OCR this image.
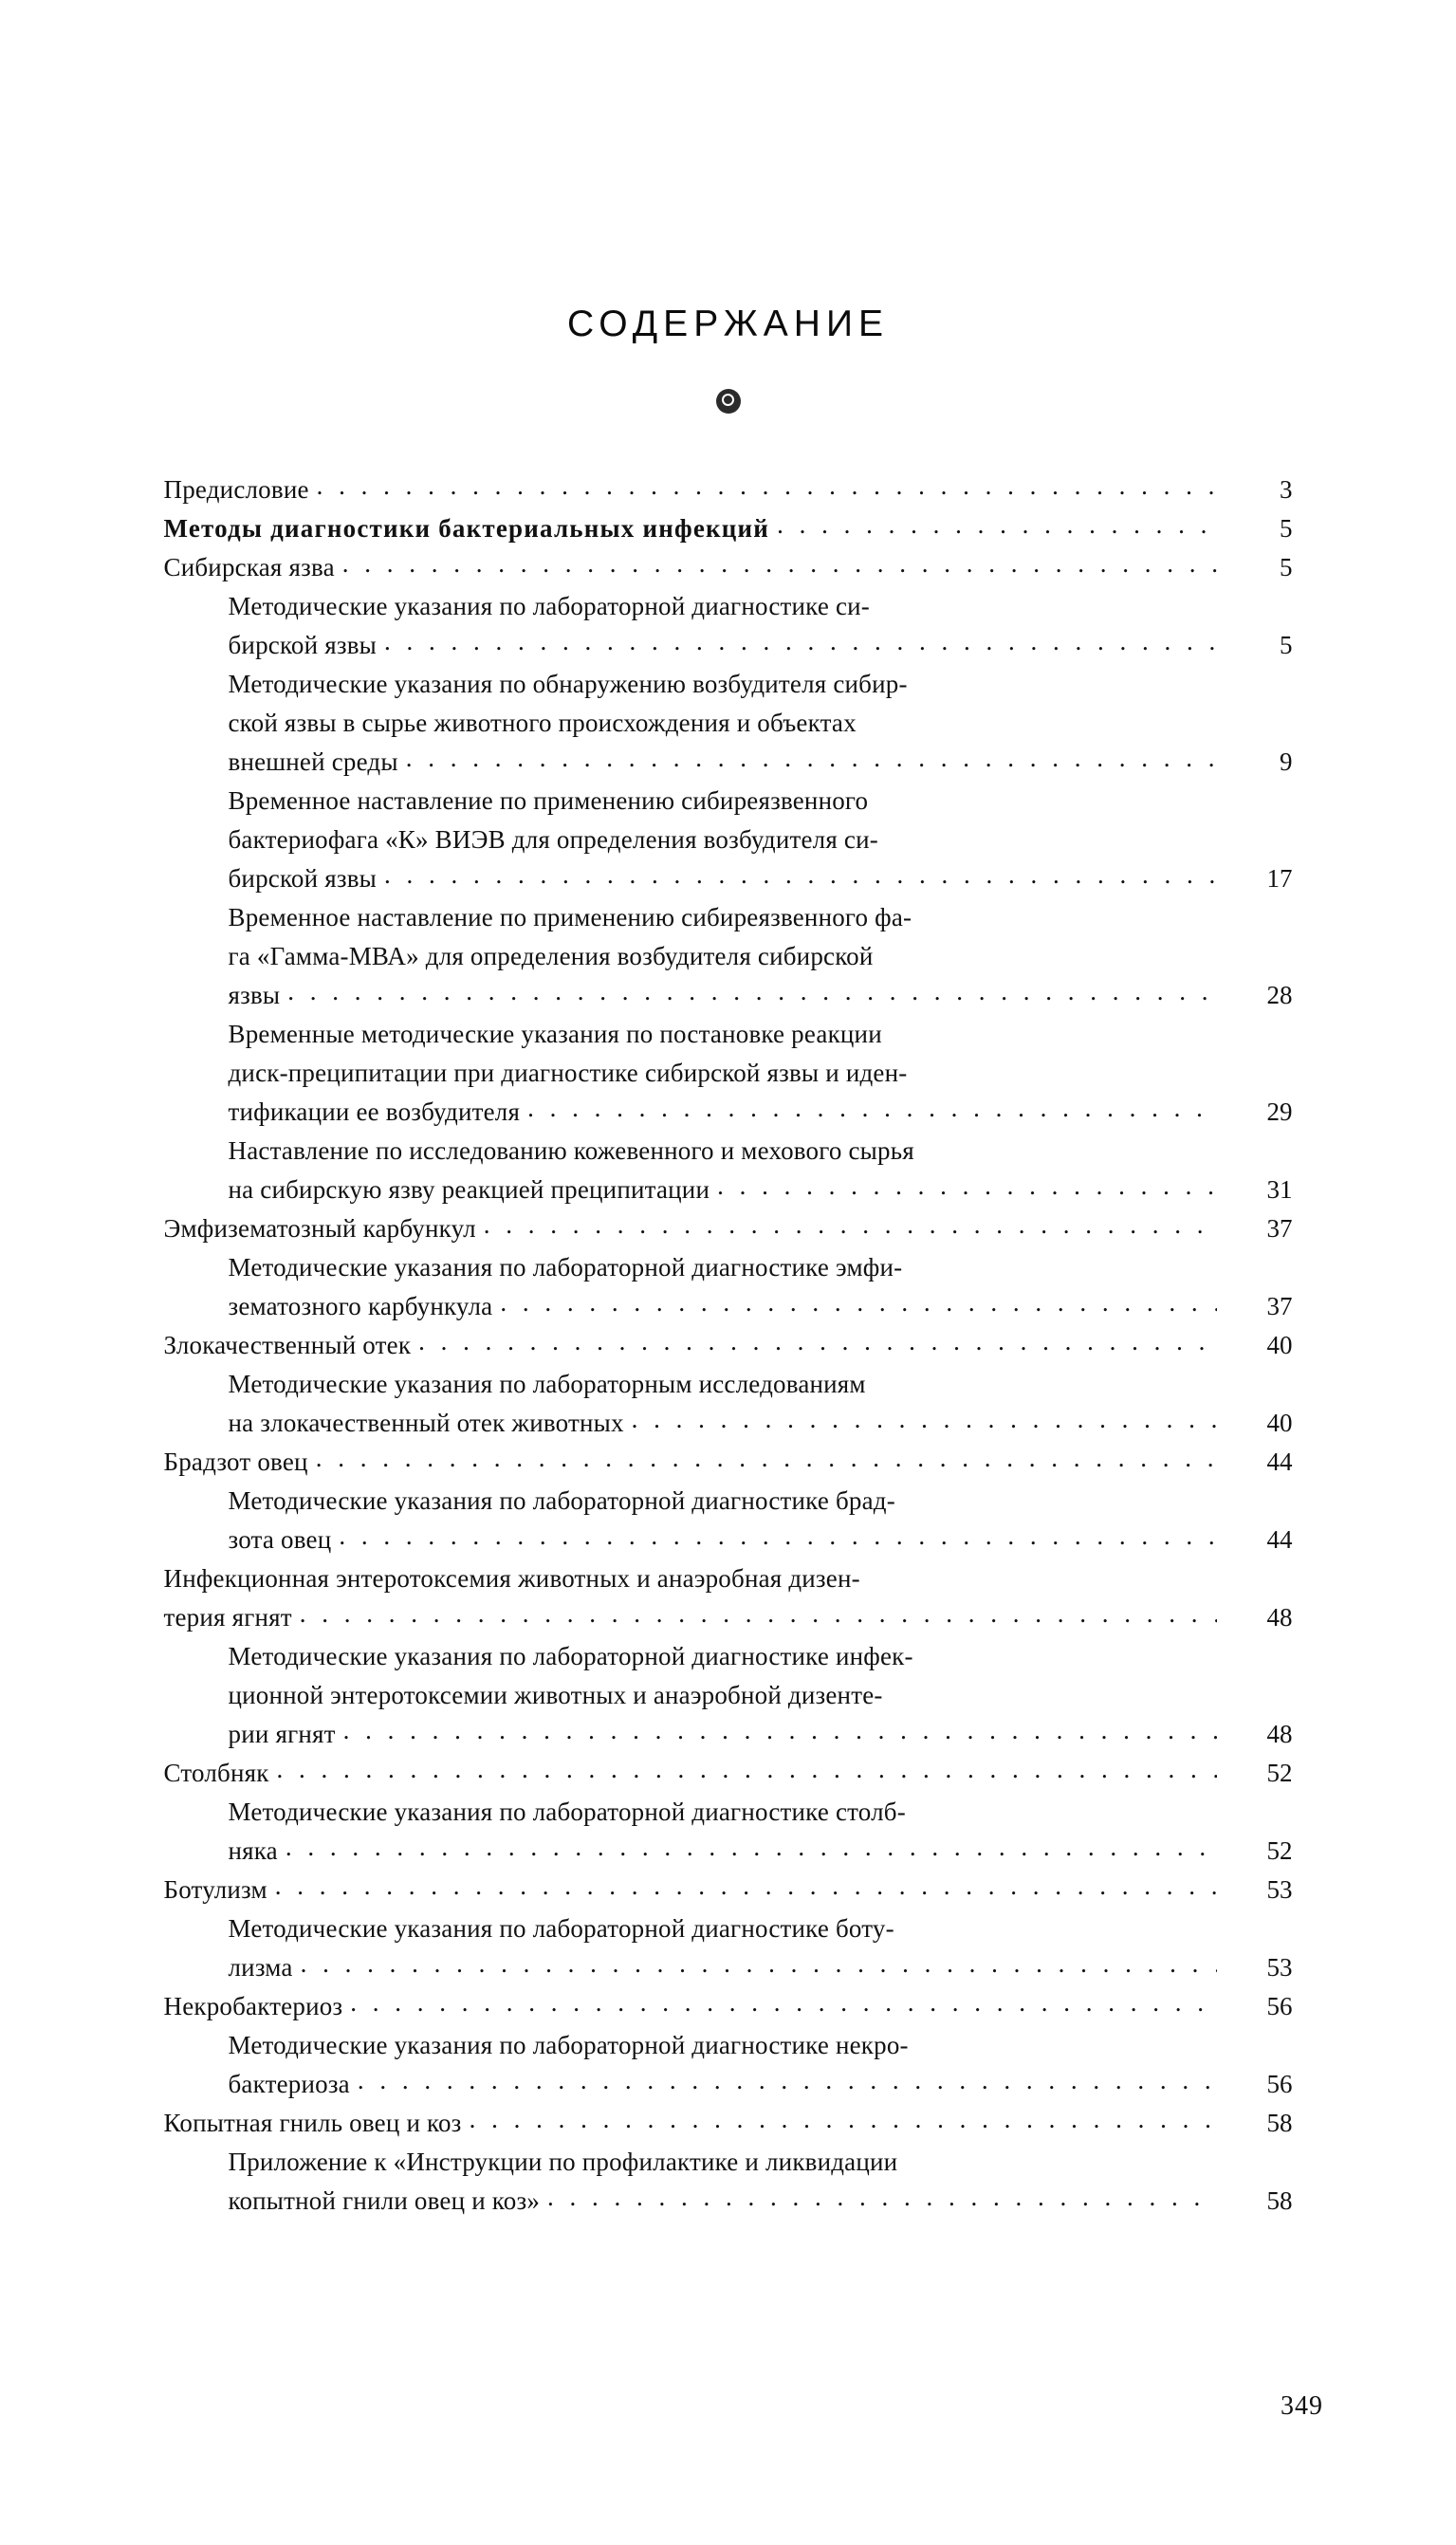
СОДЕРЖАНИЕ
Предисловие . . .	3
Методы диагностики бактериальных инфекций . . .	5
Сибирская язва . . .	5
Методические указания по лабораторной диагностике си-
бирской язвы . . .	5
Методические указания по обнаружению возбудителя сибир-
ской язвы в сырье животного происхождения и объектах
внешней среды . . .	9
Временное наставление по применению сибиреязвенного
бактериофага «К» ВИЭВ для определения возбудителя си-
бирской язвы . . .	17
Временное наставление по применению сибиреязвенного фа-
га «Гамма-МВА» для определения возбудителя сибирской
язвы . . .	28
Временные методические указания по постановке реакции
диск-преципитации при диагностике сибирской язвы и иден-
тификации ее возбудителя . . .	29
Наставление по исследованию кожевенного и мехового сырья
на сибирскую язву реакцией преципитации . . .	31
Эмфизематозный карбункул . . .	37
Методические указания по лабораторной диагностике эмфи-
зематозного карбункула . . .	37
Злокачественный отек . . .	40
Методические указания по лабораторным исследованиям
на злокачественный отек животных . . .	40
Брадзот овец . . .	44
Методические указания по лабораторной диагностике брад-
зота овец . . .	44
Инфекционная энтеротоксемия животных и анаэробная дизен-
терия ягнят . . .	48
Методические указания по лабораторной диагностике инфек-
ционной энтеротоксемии животных и анаэробной дизенте-
рии ягнят . . .	48
Столбняк . . .	52
Методические указания по лабораторной диагностике столб-
няка . . .	52
Ботулизм . . .	53
Методические указания по лабораторной диагностике боту-
лизма . . .	53
Некробактериоз . . .	56
Методические указания по лабораторной диагностике некро-
бактериоза . . .	56
Копытная гниль овец и коз . . .	58
Приложение к «Инструкции по профилактике и ликвидации
копытной гнили овец и коз» . . .	58
349
